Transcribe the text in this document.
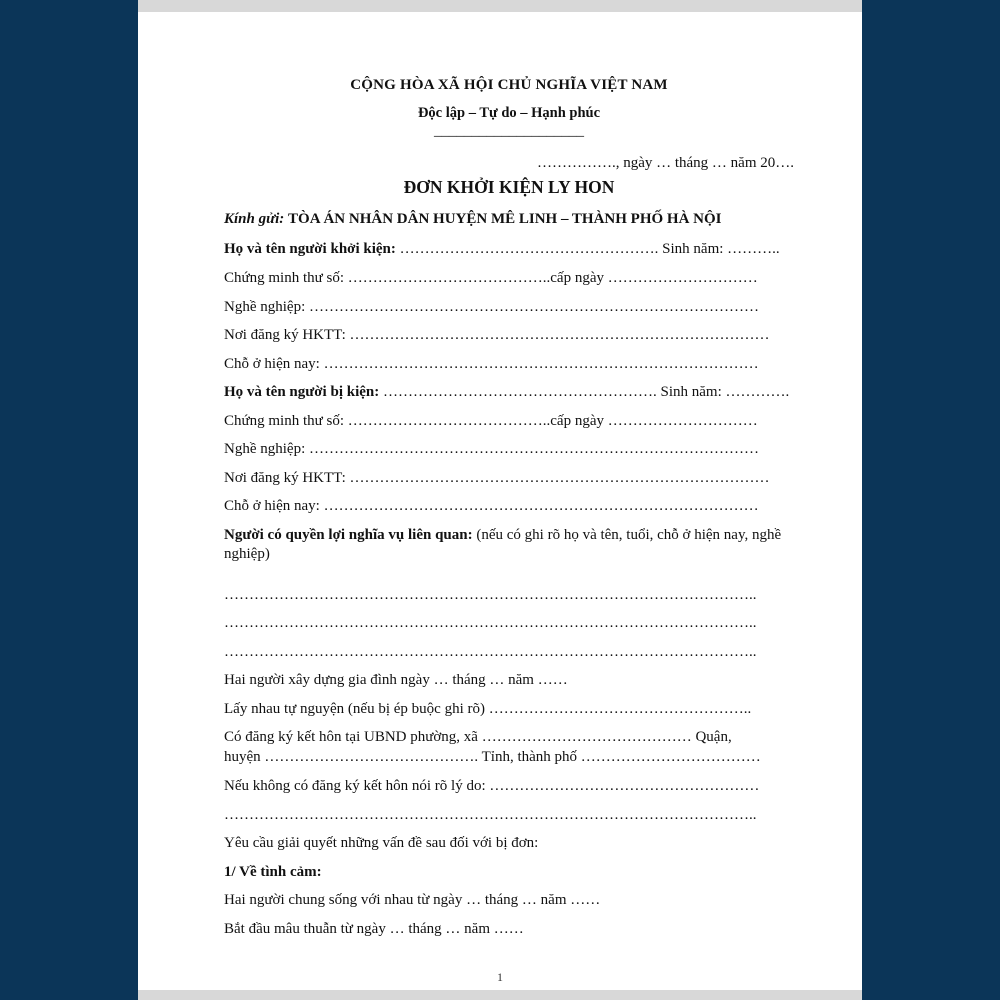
CỘNG HÒA XÃ HỘI CHỦ NGHĨA VIỆT NAM
Độc lập – Tự do – Hạnh phúc
____________________
……………., ngày … tháng … năm 20….
ĐƠN KHỞI KIỆN LY HON
Kính gửi: TÒA ÁN NHÂN DÂN HUYỆN MÊ LINH – THÀNH PHỐ HÀ NỘI
Họ và tên người khởi kiện: ……………………………………………. Sinh năm: ………..
Chứng minh thư số: …………………………………..cấp ngày …………………………
Nghề nghiệp: ………………………………………………………………………………
Nơi đăng ký HKTT: …………………………………………………………………………
Chỗ ở hiện nay: ……………………………………………………………………………
Họ và tên người bị kiện: ………………………………………………. Sinh năm: ………….
Chứng minh thư số: …………………………………..cấp ngày …………………………
Nghề nghiệp: ………………………………………………………………………………
Nơi đăng ký HKTT: …………………………………………………………………………
Chỗ ở hiện nay: ……………………………………………………………………………
Người có quyền lợi nghĩa vụ liên quan: (nếu có ghi rõ họ và tên, tuổi, chỗ ở hiện nay, nghề nghiệp)
……………………………………………………………………………………………..
……………………………………………………………………………………………..
……………………………………………………………………………………………..
Hai người xây dựng gia đình ngày … tháng … năm ……
Lấy nhau tự nguyện (nếu bị ép buộc ghi rõ) ……………………………………………..
Có đăng ký kết hôn tại UBND phường, xã …………………………………… Quận,
huyện ……………………………………. Tỉnh, thành phố ………………………………
Nếu không có đăng ký kết hôn nói rõ lý do: ………………………………………………
……………………………………………………………………………………………..
Yêu cầu giải quyết những vấn đề sau đối với bị đơn:
1/ Về tình cảm:
Hai người chung sống với nhau từ ngày … tháng … năm ……
Bắt đầu mâu thuẫn từ ngày … tháng … năm ……
1
